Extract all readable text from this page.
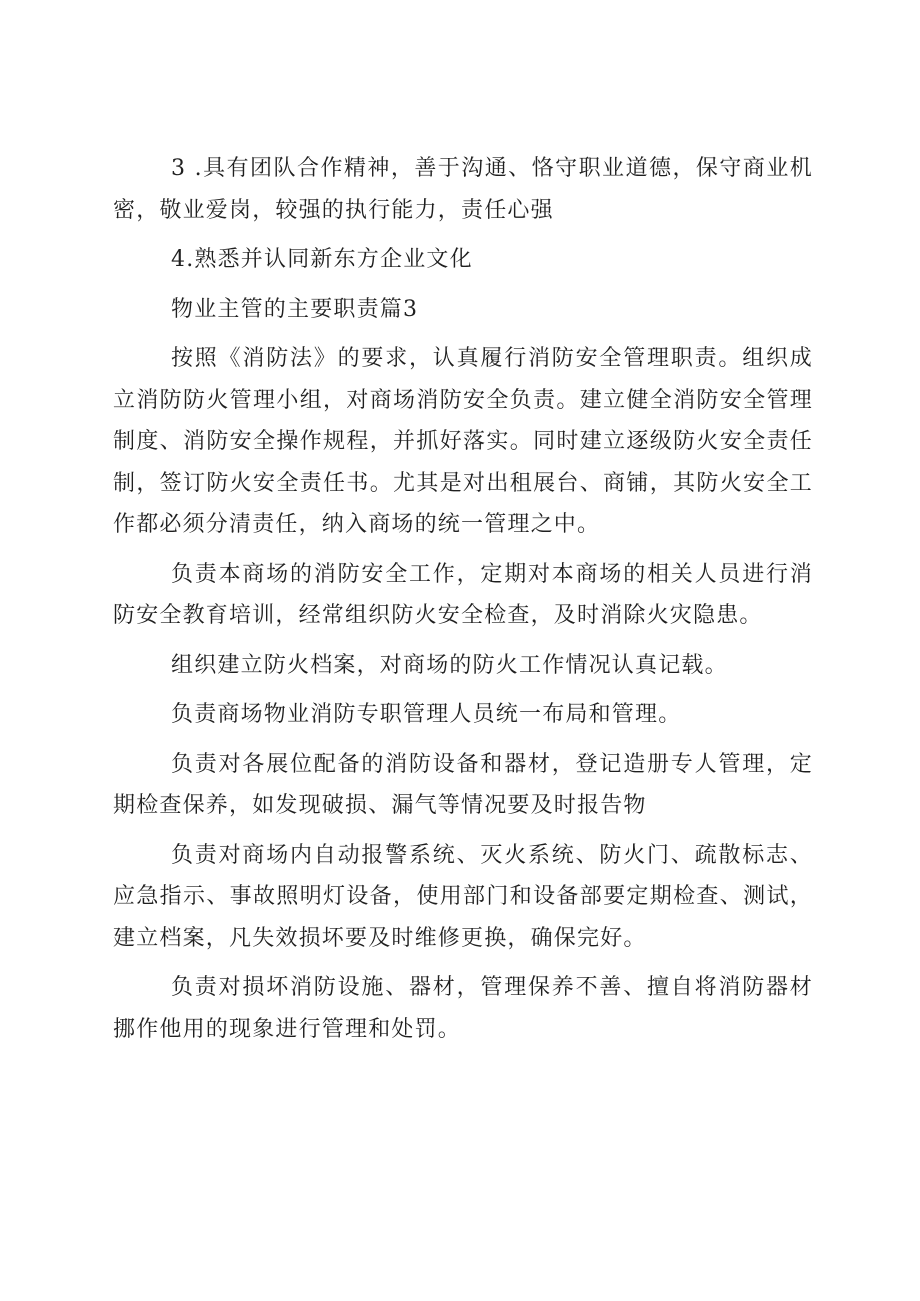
3 .具有团队合作精神，善于沟通、恪守职业道德，保守商业机密，敬业爱岗，较强的执行能力，责任心强

4.熟悉并认同新东方企业文化

物业主管的主要职责篇3

按照《消防法》的要求，认真履行消防安全管理职责。组织成立消防防火管理小组，对商场消防安全负责。建立健全消防安全管理制度、消防安全操作规程，并抓好落实。同时建立逐级防火安全责任制，签订防火安全责任书。尤其是对出租展台、商铺，其防火安全工作都必须分清责任，纳入商场的统一管理之中。

负责本商场的消防安全工作，定期对本商场的相关人员进行消防安全教育培训，经常组织防火安全检查，及时消除火灾隐患。

组织建立防火档案，对商场的防火工作情况认真记载。

负责商场物业消防专职管理人员统一布局和管理。

负责对各展位配备的消防设备和器材，登记造册专人管理，定期检查保养，如发现破损、漏气等情况要及时报告物

负责对商场内自动报警系统、灭火系统、防火门、疏散标志、应急指示、事故照明灯设备，使用部门和设备部要定期检查、测试，建立档案，凡失效损坏要及时维修更换，确保完好。

负责对损坏消防设施、器材，管理保养不善、擅自将消防器材挪作他用的现象进行管理和处罚。
